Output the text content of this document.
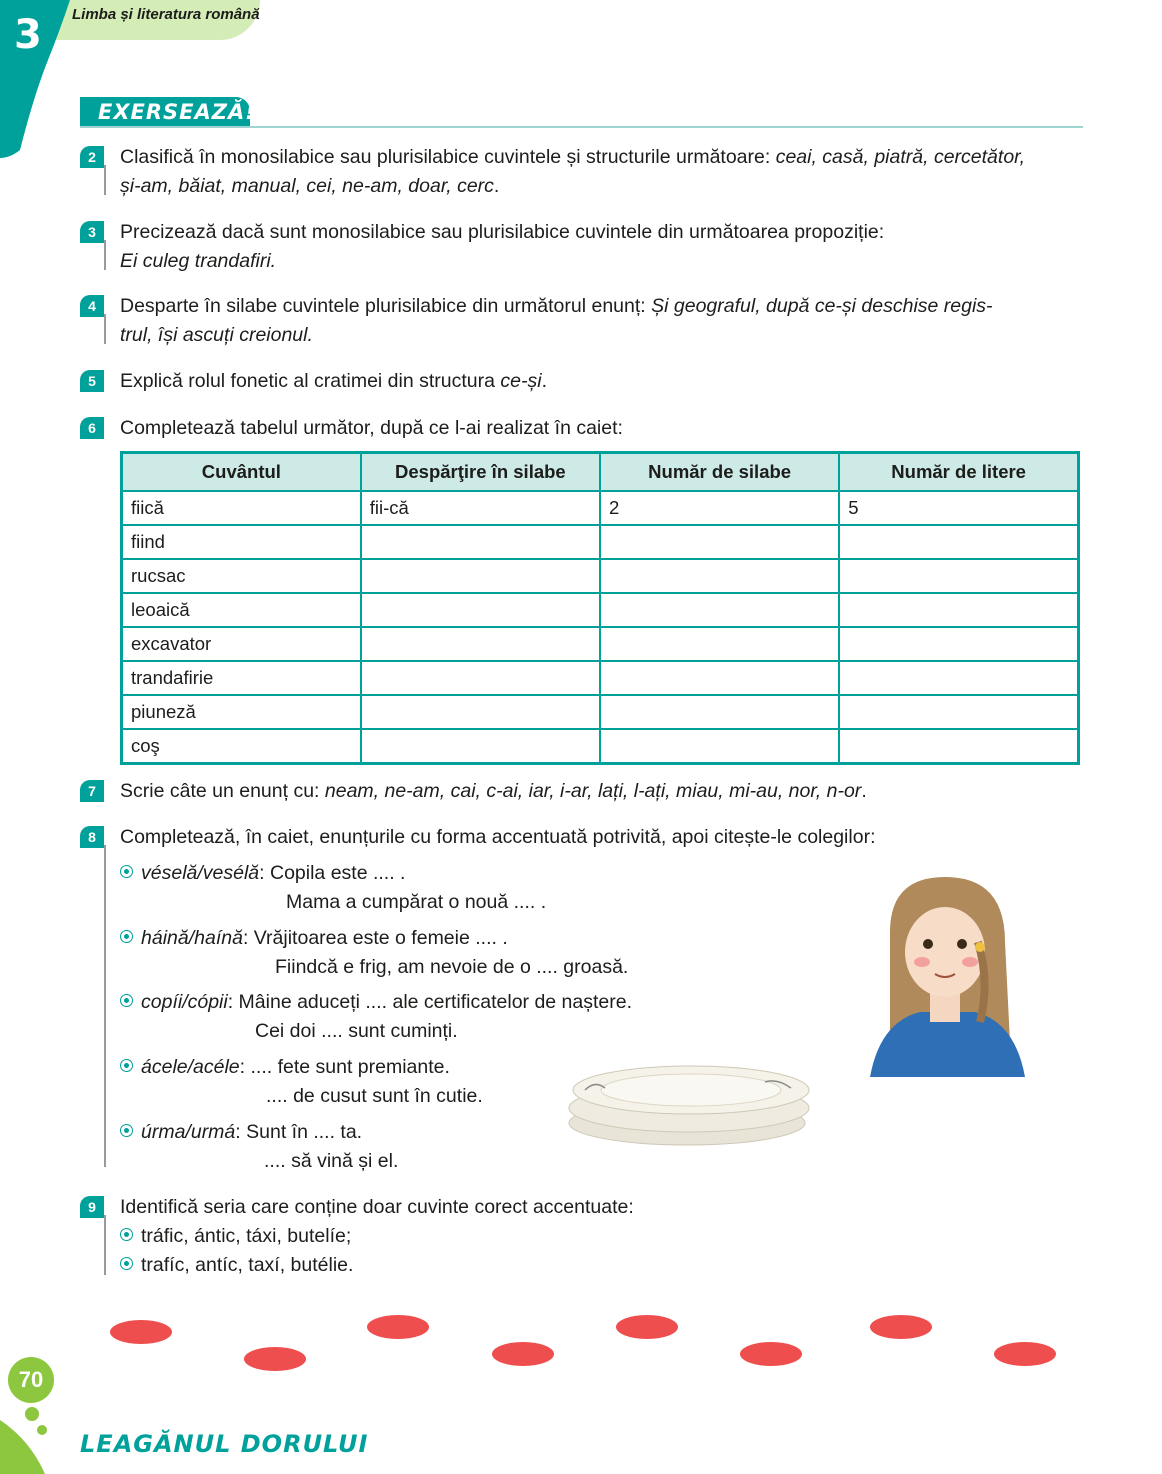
3 Limba și literatura română
EXERSEAZĂ!
2	Clasifică în monosilabice sau plurisilabice cuvintele și structurile următoare: ceai, casă, piatră, cercetător,
și-am, băiat, manual, cei, ne-am, doar, cerc.
3	Precizează dacă sunt monosilabice sau plurisilabice cuvintele din următoarea propoziție:
Ei culeg trandafiri.
4	Desparte în silabe cuvintele plurisilabice din următorul enunț: Și geograful, după ce-și deschise regis-
trul, își ascuți creionul.
5	Explică rolul fonetic al cratimei din structura ce-și.
6	Completează tabelul următor, după ce l-ai realizat în caiet:
Cuvântul	Despărţire în silabe	Număr de silabe	Număr de litere
fiică	fii-că	2	5
fiind			
rucsac			
leoaică			
excavator			
trandafirie			
piuneză			
coş			
7	Scrie câte un enunț cu: neam, ne-am, cai, c-ai, iar, i-ar, lați, l-ați, miau, mi-au, nor, n-or.
8	Completează, în caiet, enunțurile cu forma accentuată potrivită, apoi citește-le colegilor:
véselă/vesélă: Copila este .... .
Mama a cumpărat o nouă .... .
háină/haínă: Vrăjitoarea este o femeie .... .
Fiindcă e frig, am nevoie de o .... groasă.
copíi/cópii: Mâine aduceți .... ale certificatelor de naștere.
Cei doi .... sunt cuminți.
ácele/acéle: .... fete sunt premiante.
.... de cusut sunt în cutie.
úrma/urmá: Sunt în .... ta.
.... să vină și el.
9	Identifică seria care conține doar cuvinte corect accentuate:
tráfic, ántic, táxi, butelíe;
trafíc, antíc, taxí, butélie.
70
LEAGĂNUL DORULUI
